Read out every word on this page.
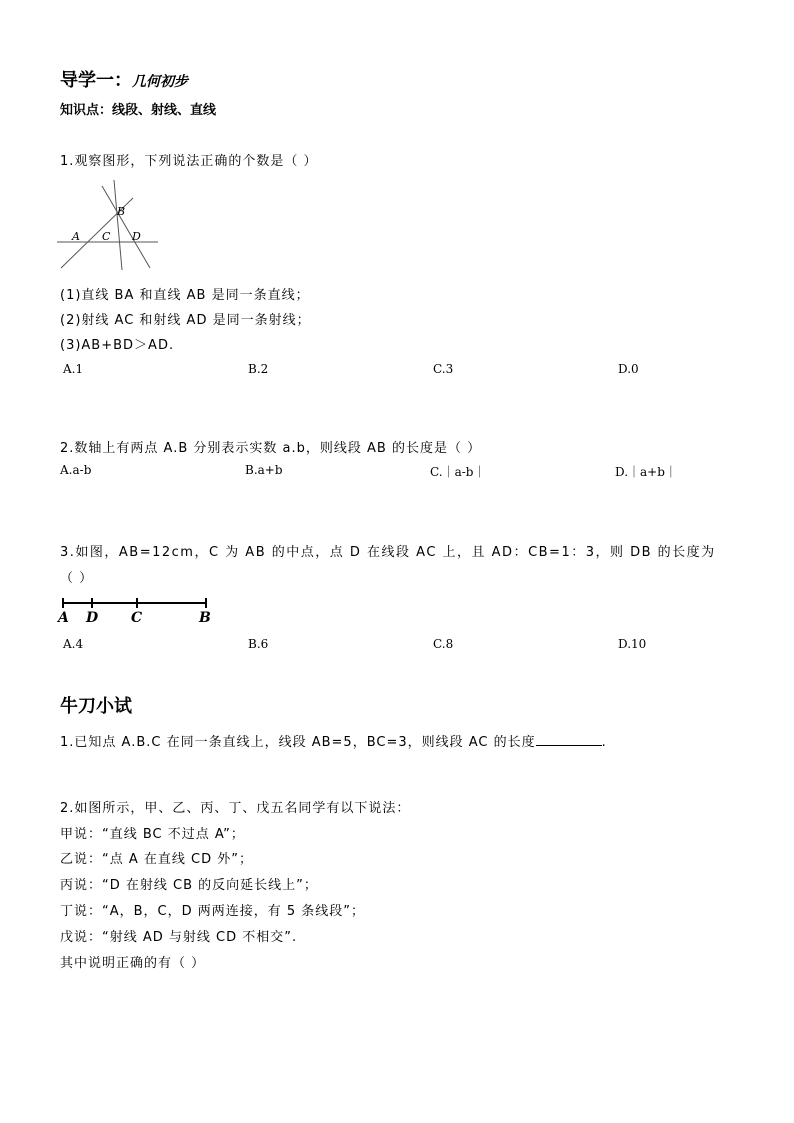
导学一：几何初步
知识点：线段、射线、直线
1.观察图形，下列说法正确的个数是（ ）
A C
B
D
(1)直线 BA 和直线 AB 是同一条直线；
(2)射线 AC 和射线 AD 是同一条射线；
(3)AB+BD＞AD.
A.1	B.2	C.3	D.0
2.数轴上有两点 A.B 分别表示实数 a.b，则线段 AB 的长度是（ ）
A.a-b	B.a+b	C.｜a-b｜	D.｜a+b｜
3.如图，AB=12cm，C 为 AB 的中点，点 D 在线段 AC 上，且 AD：CB=1：3，则 DB 的长度为
（ ）
A D C	B
A.4	B.6	C.8	D.10
牛刀小试
1.已知点 A.B.C 在同一条直线上，线段 AB=5，BC=3，则线段 AC 的长度	.
2.如图所示，甲、乙、丙、丁、戊五名同学有以下说法：
甲说：“直线 BC 不过点 A”；
乙说：“点 A 在直线 CD 外”；
丙说：“D 在射线 CB 的反向延长线上”；
丁说：“A，B，C，D 两两连接，有 5 条线段”；
戊说：“射线 AD 与射线 CD 不相交”.
其中说明正确的有（ ）
